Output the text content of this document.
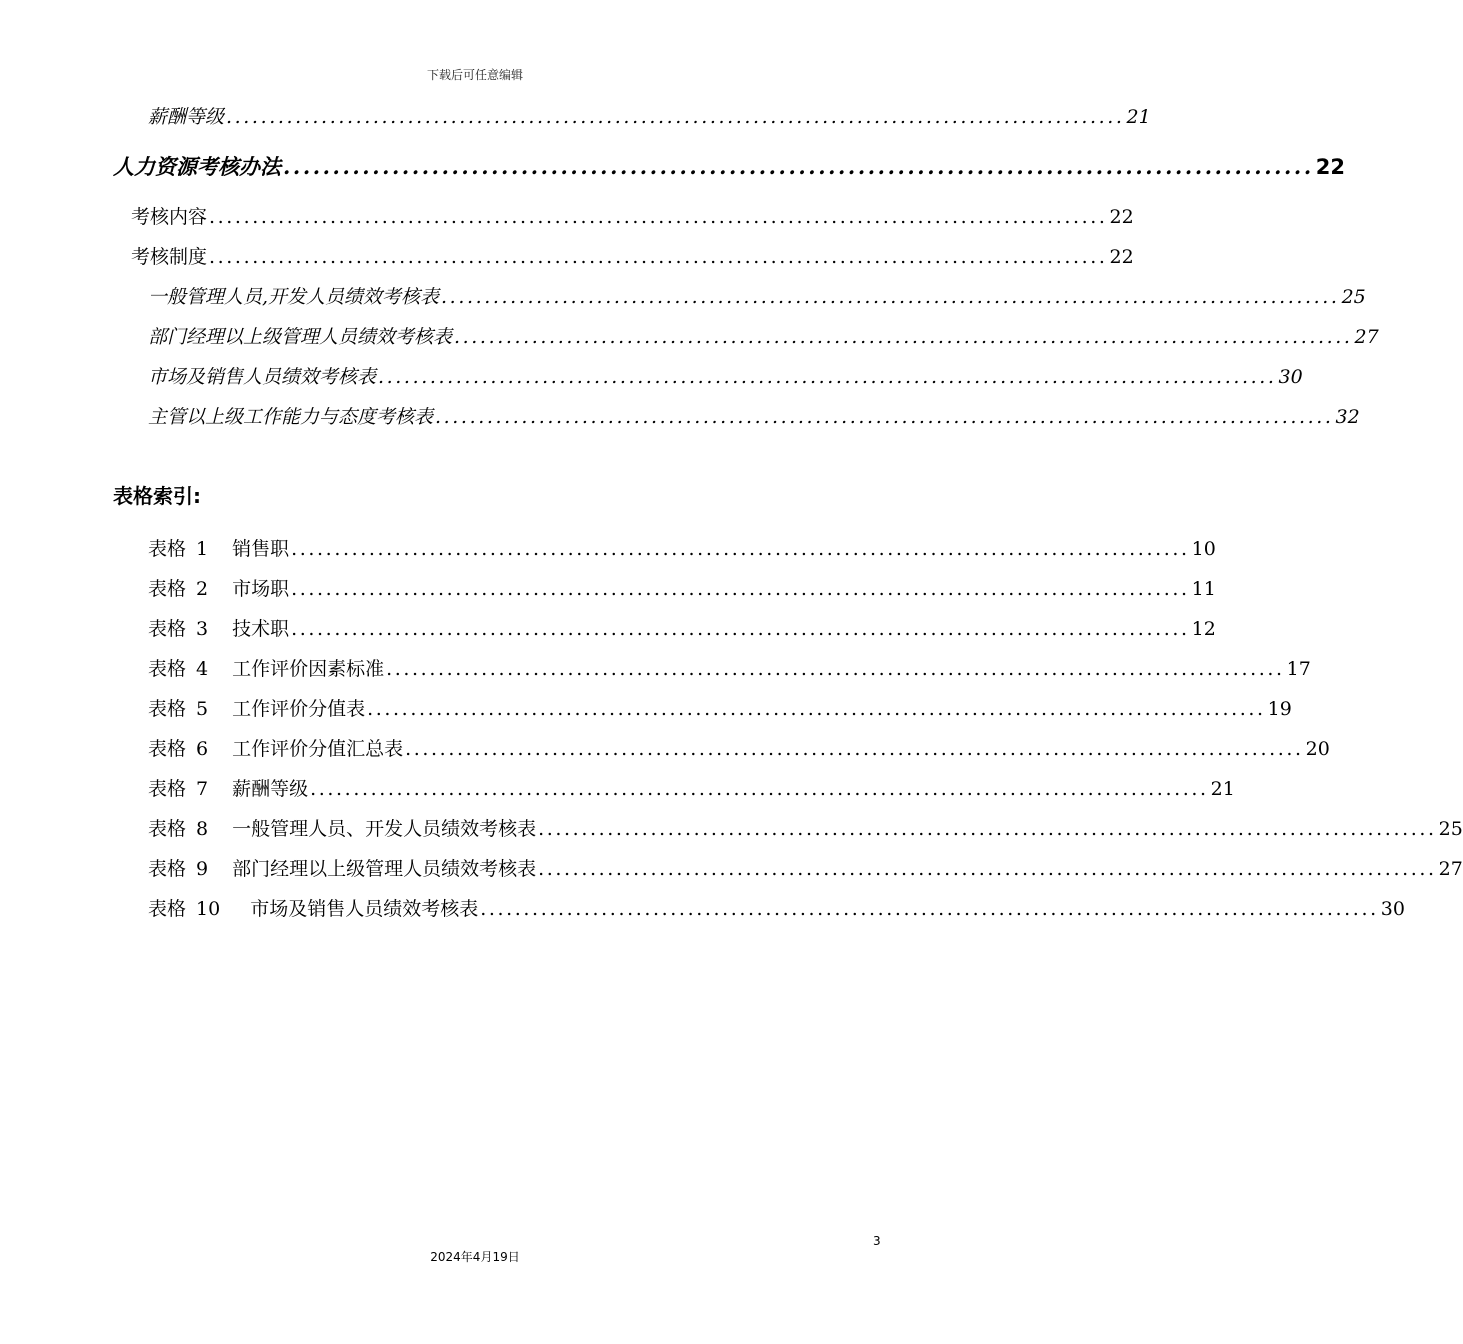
下载后可任意编辑
薪酬等级 ........................................................................................................ 21
人力资源考核办法 ........................................................................................................ 22
考核内容 ........................................................................................................ 22
考核制度 ........................................................................................................ 22
一般管理人员,开发人员绩效考核表 ........................................................................................................ 25
部门经理以上级管理人员绩效考核表 ........................................................................................................ 27
市场及销售人员绩效考核表 ........................................................................................................ 30
主管以上级工作能力与态度考核表 ........................................................................................................ 32
表格索引:
表格 1 销售职 ........................................................................................................ 10
表格 2 市场职 ........................................................................................................ 11
表格 3 技术职 ........................................................................................................ 12
表格 4 工作评价因素标准 ........................................................................................................ 17
表格 5 工作评价分值表 ........................................................................................................ 19
表格 6 工作评价分值汇总表 ........................................................................................................ 20
表格 7 薪酬等级 ........................................................................................................ 21
表格 8 一般管理人员、开发人员绩效考核表 ........................................................................................................ 25
表格 9 部门经理以上级管理人员绩效考核表 ........................................................................................................ 27
表格 10 市场及销售人员绩效考核表 ........................................................................................................ 30
3
2024年4月19日
